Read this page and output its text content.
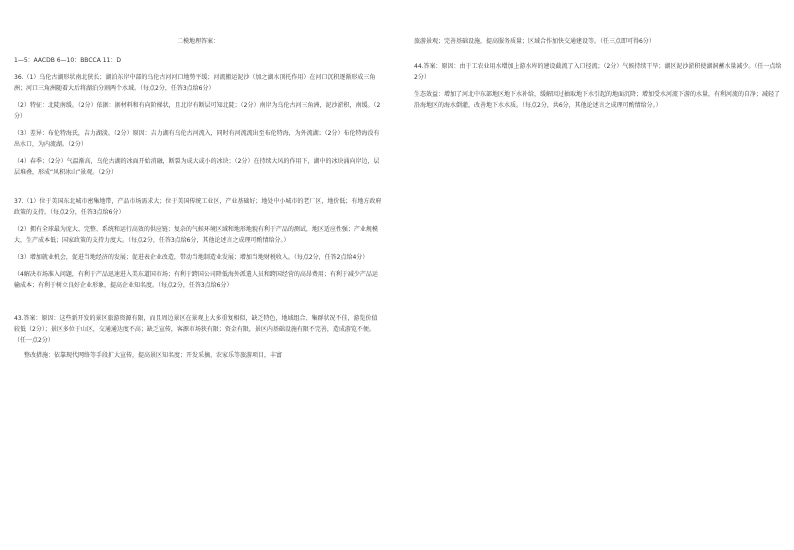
二模地理答案：

1—5：AACDB 6—10：BBCCA 11：D

36.（1）乌伦古湖形状南北狭长；湖泊东岸中部的乌伦古河河口地势平缓；河流搬运泥沙（加之湖水顶托作用）在河口沉积逐渐形成三角洲；河口三角洲随着大后将湖泊分割两个水域。（每点2分，任答3点给6分）

（2）特征：北陡南缓。（2分）依据：据材料和有向阶梯状，且北岸有断层可知北陡；（2分）南岸为乌伦古河三角洲，泥沙淤积，南缓。（2分）

（3）差异：布伦特海氏，吉力湖淡。（2分）原因：吉力湖有乌伦古河流入，同时有河流流出至布伦特海，为外流湖；（2分）布伦特海没有出水口，为内流湖。（2分）

（4）春季；（2分）气温渐高，乌伦古湖的冰面开始消融，断裂为成大或小的冰块；（2分）在持续大风的作用下，湖中的冰块涌向岸边，层层堆叠，形成“风积冰山”景观。（2分）

37.（1）位于美国东北城市密集地带，产品市场需求大；位于美国传统工业区，产业基础好；地处中小城市的老厂区，地价低；有地方政府政策的支持。（每点2分，任答3点给6分）

（2）拥有全球最为庞大、完整、系统和运行高效的供应链；复杂的气候环境区域和地形地貌有利于产品的测试，地区适应性强；产业规模大，生产成本低；国家政策的支持力度大。（每点2分，任答3点给6分，其他论述言之成理可酌情给分。）

（3）增加就业机会，促进当地经济的发展；促进表企业改造，带动当地制造业发展；增加当地财税收入。（每点2分，任答2点给4分）

（4解决市场准入问题，有利于产品迅速进入美东道国市场；有利于跨国公司降低海外派遣人员和跨国经营的高昂费用；有利于减少产品运输成本；有利于树立良好企业形象，提高企业知名度。（每点2分，任答3点给6分）

43.答案：原因：这些新开发的景区旅游资源有限，而且周边景区在景观上大多重复相似，缺乏特色，地域组合、集群状况不佳，游览价值较低（2分）；景区多位于山区，交通通达度不高；缺乏宣传，客源市场狭有限；资金有限，景区内基础设施有限不完善，造成游览不便。（任一点2分）

整改措施：依靠现代网络等手段扩大宣传，提高景区知名度；开发采摘、农家乐等旅游项目，丰富

旅游景观；完善基础设施，提高服务质量；区域合作加快交通建设等。（任三点即可得6分）

44.答案：原因：由于工农业用水增加上游水库的建设截流了入口径流；（2分）气候持续干旱；湖区泥沙淤积使湖洞蓄水量减少。（任一点给2分）

生态效益：增加了河北中东部地区地下水补给，缓解因过抽取地下水引起的地面沉降；增加受水河流下游的水量，有利河流的自净；减轻了沿海地区的海水倒灌，改善地下水水质。（每点2分，共6分，其他论述言之成理可酌情给分。）
